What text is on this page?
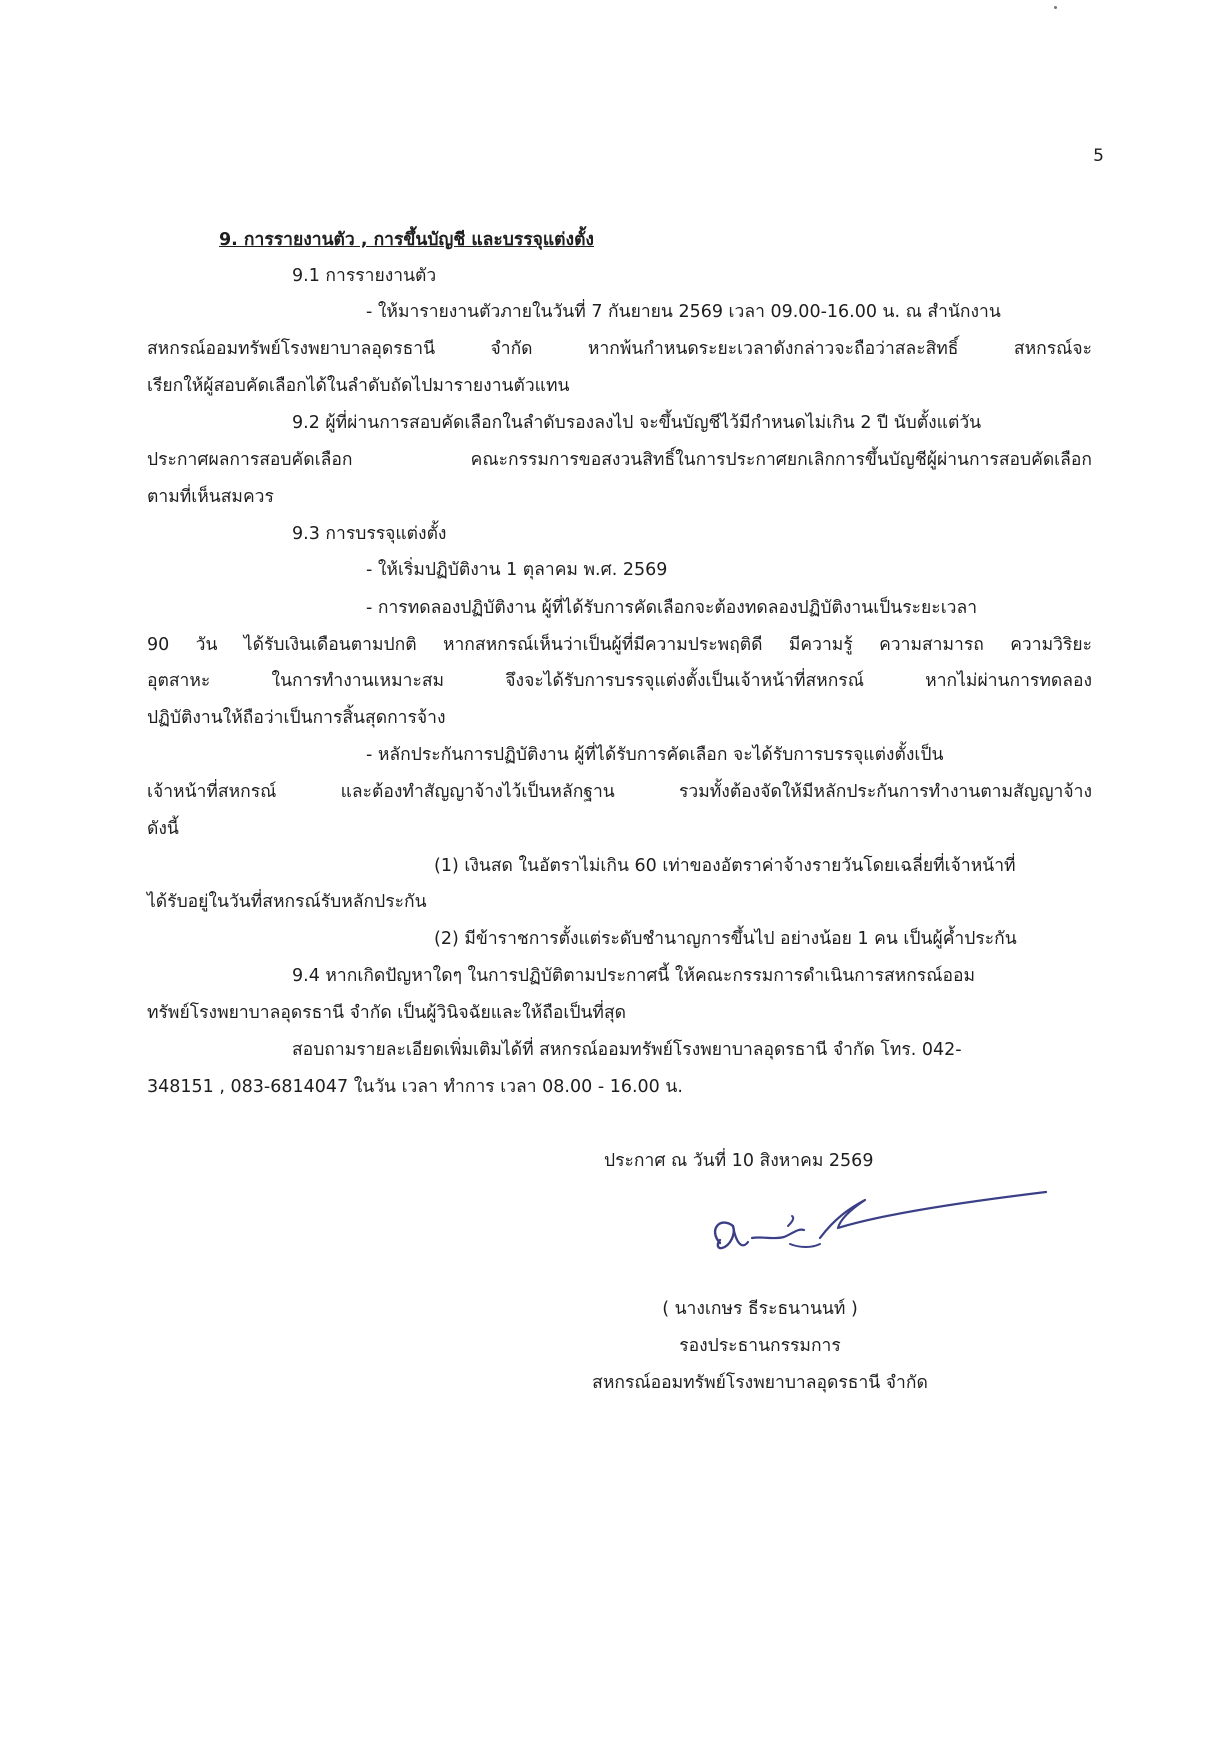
5
9. การรายงานตัว , การขึ้นบัญชี และบรรจุแต่งตั้ง
9.1 การรายงานตัว
- ให้มารายงานตัวภายในวันที่ 7 กันยายน 2569 เวลา 09.00-16.00 น. ณ สำนักงาน
สหกรณ์ออมทรัพย์โรงพยาบาลอุดรธานี จำกัด หากพ้นกำหนดระยะเวลาดังกล่าวจะถือว่าสละสิทธิ์ สหกรณ์จะ
เรียกให้ผู้สอบคัดเลือกได้ในลำดับถัดไปมารายงานตัวแทน
9.2 ผู้ที่ผ่านการสอบคัดเลือกในลำดับรองลงไป จะขึ้นบัญชีไว้มีกำหนดไม่เกิน 2 ปี นับตั้งแต่วัน
ประกาศผลการสอบคัดเลือก คณะกรรมการขอสงวนสิทธิ์ในการประกาศยกเลิกการขึ้นบัญชีผู้ผ่านการสอบคัดเลือก
ตามที่เห็นสมควร
9.3 การบรรจุแต่งตั้ง
- ให้เริ่มปฏิบัติงาน 1 ตุลาคม พ.ศ. 2569
- การทดลองปฏิบัติงาน ผู้ที่ได้รับการคัดเลือกจะต้องทดลองปฏิบัติงานเป็นระยะเวลา
90 วัน ได้รับเงินเดือนตามปกติ หากสหกรณ์เห็นว่าเป็นผู้ที่มีความประพฤติดี มีความรู้ ความสามารถ ความวิริยะ
อุตสาหะ ในการทำงานเหมาะสม จึงจะได้รับการบรรจุแต่งตั้งเป็นเจ้าหน้าที่สหกรณ์ หากไม่ผ่านการทดลอง
ปฏิบัติงานให้ถือว่าเป็นการสิ้นสุดการจ้าง
- หลักประกันการปฏิบัติงาน ผู้ที่ได้รับการคัดเลือก จะได้รับการบรรจุแต่งตั้งเป็น
เจ้าหน้าที่สหกรณ์ และต้องทำสัญญาจ้างไว้เป็นหลักฐาน รวมทั้งต้องจัดให้มีหลักประกันการทำงานตามสัญญาจ้าง
ดังนี้
(1) เงินสด ในอัตราไม่เกิน 60 เท่าของอัตราค่าจ้างรายวันโดยเฉลี่ยที่เจ้าหน้าที่
ได้รับอยู่ในวันที่สหกรณ์รับหลักประกัน
(2) มีข้าราชการตั้งแต่ระดับชำนาญการขึ้นไป อย่างน้อย 1 คน เป็นผู้ค้ำประกัน
9.4 หากเกิดปัญหาใดๆ ในการปฏิบัติตามประกาศนี้ ให้คณะกรรมการดำเนินการสหกรณ์ออม
ทรัพย์โรงพยาบาลอุดรธานี จำกัด เป็นผู้วินิจฉัยและให้ถือเป็นที่สุด
สอบถามรายละเอียดเพิ่มเติมได้ที่ สหกรณ์ออมทรัพย์โรงพยาบาลอุดรธานี จำกัด โทร. 042-
348151 , 083-6814047 ในวัน เวลา ทำการ เวลา 08.00 - 16.00 น.
ประกาศ ณ วันที่ 10 สิงหาคม 2569
( นางเกษร ธีระธนานนท์ )
รองประธานกรรมการ
สหกรณ์ออมทรัพย์โรงพยาบาลอุดรธานี จำกัด
